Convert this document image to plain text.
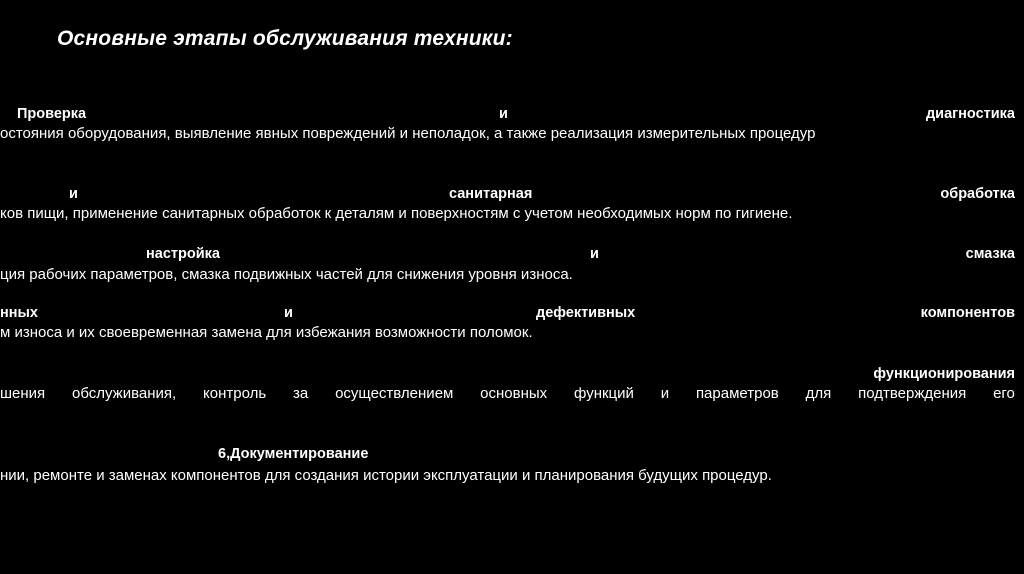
Основные этапы обслуживания техники:
Проверка	и	диагностика
остояния оборудования, выявление явных повреждений и неполадок, а также реализация измерительных процедур
и	санитарная	обработка
ков пищи, применение санитарных обработок к деталям и поверхностям с учетом необходимых норм по гигиене.
настройка	и	смазка
ция рабочих параметров, смазка подвижных частей для снижения уровня износа.
нных	и	дефективных	компонентов
м износа и их своевременная замена для избежания возможности поломок.
функционирования
шения обслуживания, контроль за осуществлением основных функций и параметров для подтверждения его
6,Документирование
нии, ремонте и заменах компонентов для создания истории эксплуатации и планирования будущих процедур.
